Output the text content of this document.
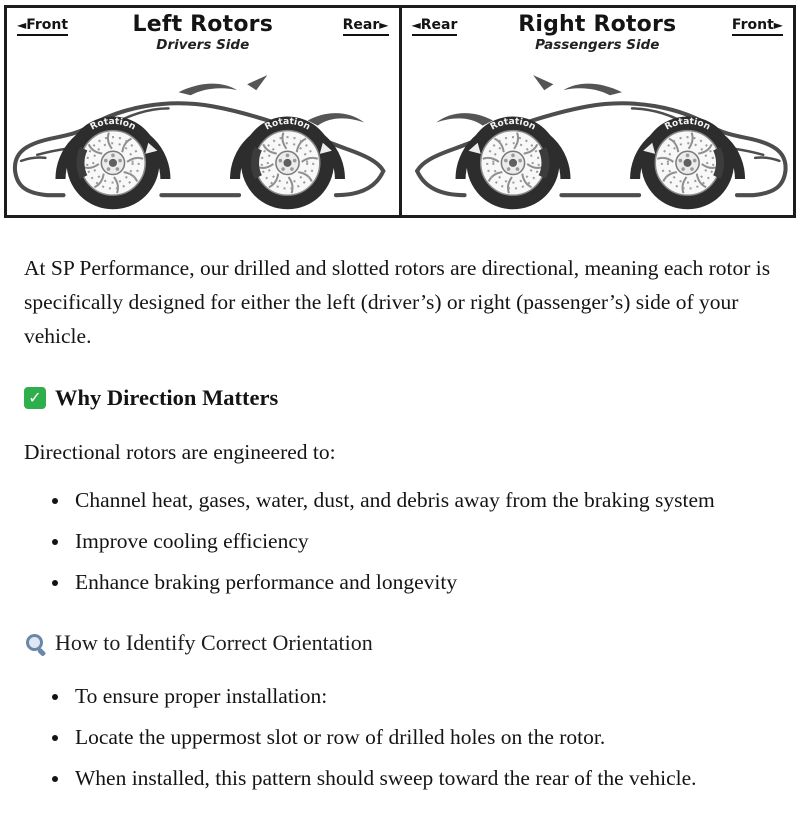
◄Front	Left Rotors
Drivers Side
Rear►
Rotation	Rotation
◄Rear	Right Rotors
Passengers Side
Front►
Rotation	Rotation

At SP Performance, our drilled and slotted rotors are directional, meaning each rotor is specifically designed for either the left (driver’s) or right (passenger’s) side of your vehicle.

✓
Why Direction Matters

Directional rotors are engineered to:

• Channel heat, gases, water, dust, and debris away from the braking system
• Improve cooling efficiency
• Enhance braking performance and longevity
How to Identify Correct Orientation
• To ensure proper installation:
• Locate the uppermost slot or row of drilled holes on the rotor.
• When installed, this pattern should sweep toward the rear of the vehicle.
